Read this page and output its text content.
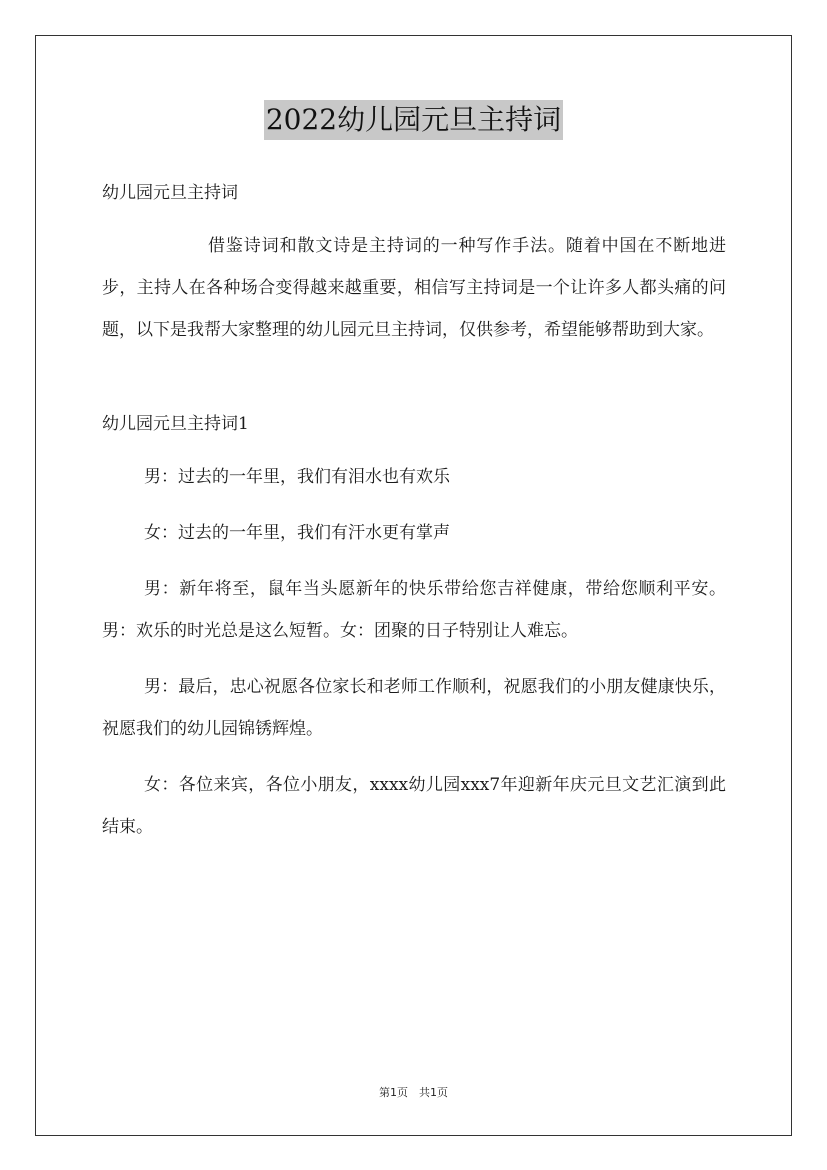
2022幼儿园元旦主持词

幼儿园元旦主持词

借鉴诗词和散文诗是主持词的一种写作手法。随着中国在不断地进步，主持人在各种场合变得越来越重要，相信写主持词是一个让许多人都头痛的问题，以下是我帮大家整理的幼儿园元旦主持词，仅供参考，希望能够帮助到大家。

幼儿园元旦主持词1

男：过去的一年里，我们有泪水也有欢乐

女：过去的一年里，我们有汗水更有掌声

男：新年将至，鼠年当头愿新年的快乐带给您吉祥健康，带给您顺利平安。男：欢乐的时光总是这么短暂。女：团聚的日子特别让人难忘。

男：最后，忠心祝愿各位家长和老师工作顺利，祝愿我们的小朋友健康快乐，祝愿我们的幼儿园锦锈辉煌。

女：各位来宾，各位小朋友，xxxx幼儿园xxx7年迎新年庆元旦文艺汇演到此结束。

第1页　共1页
